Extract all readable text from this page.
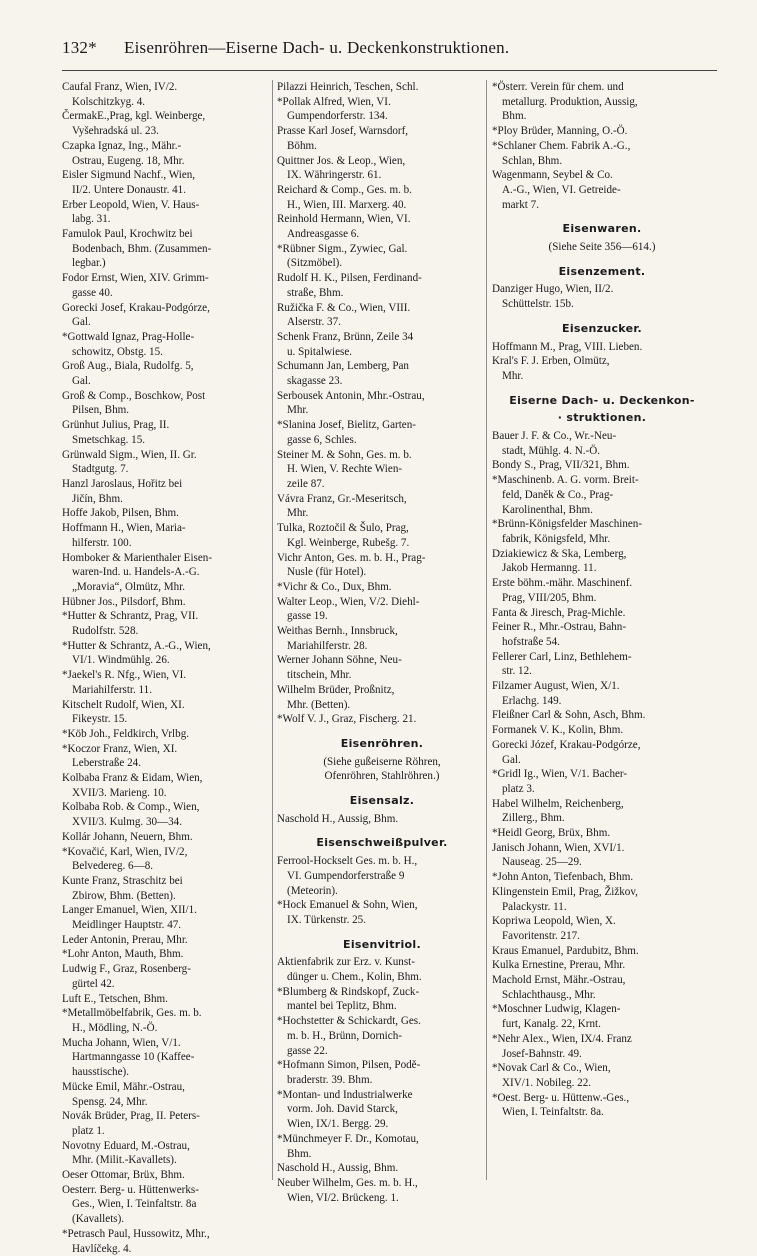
132* Eisenröhren—Eiserne Dach- u. Deckenkonstruktionen.
Caufal Franz, Wien, IV/2.
Kolschitzkyg. 4.
ČermakE.,Prag, kgl. Weinberge,
Vyšehradská ul. 23.
Czapka Ignaz, Ing., Mähr.-
Ostrau, Eugeng. 18, Mhr.
Eisler Sigmund Nachf., Wien,
II/2. Untere Donaustr. 41.
Erber Leopold, Wien, V. Haus-
labg. 31.
Famulok Paul, Krochwitz bei
Bodenbach, Bhm. (Zusammen-
legbar.)
Fodor Ernst, Wien, XIV. Grimm-
gasse 40.
Gorecki Josef, Krakau-Podgórze,
Gal.
*Gottwald Ignaz, Prag-Holle-
schowitz, Obstg. 15.
Groß Aug., Biala, Rudolfg. 5,
Gal.
Groß & Comp., Boschkow, Post
Pilsen, Bhm.
Grünhut Julius, Prag, II.
Smetschkag. 15.
Grünwald Sigm., Wien, II. Gr.
Stadtgutg. 7.
Hanzl Jaroslaus, Hořitz bei
Jičín, Bhm.
Hoffe Jakob, Pilsen, Bhm.
Hoffmann H., Wien, Maria-
hilferstr. 100.
Homboker & Marienthaler Eisen-
waren-Ind. u. Handels-A.-G.
„Moravia“, Olmütz, Mhr.
Hübner Jos., Pilsdorf, Bhm.
*Hutter & Schrantz, Prag, VII.
Rudolfstr. 528.
*Hutter & Schrantz, A.-G., Wien,
VI/1. Windmühlg. 26.
*Jaekel's R. Nfg., Wien, VI.
Mariahilferstr. 11.
Kitschelt Rudolf, Wien, XI.
Fikeystr. 15.
*Köb Joh., Feldkirch, Vrlbg.
*Koczor Franz, Wien, XI.
Leberstraße 24.
Kolbaba Franz & Eidam, Wien,
XVII/3. Marieng. 10.
Kolbaba Rob. & Comp., Wien,
XVII/3. Kulmg. 30—34.
Kollár Johann, Neuern, Bhm.
*Kovačić, Karl, Wien, IV/2,
Belvedereg. 6—8.
Kunte Franz, Straschitz bei
Zbirow, Bhm. (Betten).
Langer Emanuel, Wien, XII/1.
Meidlinger Hauptstr. 47.
Leder Antonin, Prerau, Mhr.
*Lohr Anton, Mauth, Bhm.
Ludwig F., Graz, Rosenberg-
gürtel 42.
Luft E., Tetschen, Bhm.
*Metallmöbelfabrik, Ges. m. b.
H., Mödling, N.-Ö.
Mucha Johann, Wien, V/1.
Hartmanngasse 10 (Kaffee-
hausstische).
Mücke Emil, Mähr.-Ostrau,
Spensg. 24, Mhr.
Novák Brüder, Prag, II. Peters-
platz 1.
Novotny Eduard, M.-Ostrau,
Mhr. (Milit.-Kavallets).
Oeser Ottomar, Brüx, Bhm.
Oesterr. Berg- u. Hüttenwerks-
Ges., Wien, I. Teinfaltstr. 8a
(Kavallets).
*Petrasch Paul, Hussowitz, Mhr.,
Havlíčekg. 4.
Pilazzi Heinrich, Teschen, Schl.
*Pollak Alfred, Wien, VI.
Gumpendorferstr. 134.
Prasse Karl Josef, Warnsdorf,
Böhm.
Quittner Jos. & Leop., Wien,
IX. Währingerstr. 61.
Reichard & Comp., Ges. m. b.
H., Wien, III. Marxerg. 40.
Reinhold Hermann, Wien, VI.
Andreasgasse 6.
*Rübner Sigm., Zywiec, Gal.
(Sitzmöbel).
Rudolf H. K., Pilsen, Ferdinand-
straße, Bhm.
Ružička F. & Co., Wien, VIII.
Alserstr. 37.
Schenk Franz, Brünn, Zeile 34
u. Spitalwiese.
Schumann Jan, Lemberg, Pan
skagasse 23.
Serbousek Antonin, Mhr.-Ostrau,
Mhr.
*Slanina Josef, Bielitz, Garten-
gasse 6, Schles.
Steiner M. & Sohn, Ges. m. b.
H. Wien, V. Rechte Wien-
zeile 87.
Vávra Franz, Gr.-Meseritsch,
Mhr.
Tulka, Roztočil & Šulo, Prag,
Kgl. Weinberge, Rubešg. 7.
Vichr Anton, Ges. m. b. H., Prag-
Nusle (für Hotel).
*Vichr & Co., Dux, Bhm.
Walter Leop., Wien, V/2. Diehl-
gasse 19.
Weithas Bernh., Innsbruck,
Mariahilferstr. 28.
Werner Johann Söhne, Neu-
titschein, Mhr.
Wilhelm Brüder, Proßnitz,
Mhr. (Betten).
*Wolf V. J., Graz, Fischerg. 21.
Eisenröhren.
(Siehe gußeiserne Röhren,
Ofenröhren, Stahlröhren.)
Eisensalz.
Naschold H., Aussig, Bhm.
Eisenschweißpulver.
Ferrool-Hockselt Ges. m. b. H.,
VI. Gumpendorferstraße 9
(Meteorin).
*Hock Emanuel & Sohn, Wien,
IX. Türkenstr. 25.
Eisenvitriol.
Aktienfabrik zur Erz. v. Kunst-
dünger u. Chem., Kolin, Bhm.
*Blumberg & Rindskopf, Zuck-
mantel bei Teplitz, Bhm.
*Hochstetter & Schickardt, Ges.
m. b. H., Brünn, Dornich-
gasse 22.
*Hofmann Simon, Pilsen, Podě-
braderstr. 39. Bhm.
*Montan- und Industrialwerke
vorm. Joh. David Starck,
Wien, IX/1. Bergg. 29.
*Münchmeyer F. Dr., Komotau,
Bhm.
Naschold H., Aussig, Bhm.
Neuber Wilhelm, Ges. m. b. H.,
Wien, VI/2. Brückeng. 1.
*Österr. Verein für chem. und
metallurg. Produktion, Aussig,
Bhm.
*Ploy Brüder, Manning, O.-Ö.
*Schlaner Chem. Fabrik A.-G.,
Schlan, Bhm.
Wagenmann, Seybel & Co.
A.-G., Wien, VI. Getreide-
markt 7.
Eisenwaren.
(Siehe Seite 356—614.)
Eisenzement.
Danziger Hugo, Wien, II/2.
Schüttelstr. 15b.
Eisenzucker.
Hoffmann M., Prag, VIII. Lieben.
Kral's F. J. Erben, Olmütz,
Mhr.
Eiserne Dach- u. Deckenkon-
· struktionen.
Bauer J. F. & Co., Wr.-Neu-
stadt, Mühlg. 4. N.-Ö.
Bondy S., Prag, VII/321, Bhm.
*Maschinenb. A. G. vorm. Breit-
feld, Daněk & Co., Prag-
Karolinenthal, Bhm.
*Brünn-Königsfelder Maschinen-
fabrik, Königsfeld, Mhr.
Dziakiewicz & Ska, Lemberg,
Jakob Hermanng. 11.
Erste böhm.-mähr. Maschinenf.
Prag, VIII/205, Bhm.
Fanta & Jiresch, Prag-Michle.
Feiner R., Mhr.-Ostrau, Bahn-
hofstraße 54.
Fellerer Carl, Linz, Bethlehem-
str. 12.
Filzamer August, Wien, X/1.
Erlachg. 149.
Fleißner Carl & Sohn, Asch, Bhm.
Formanek V. K., Kolin, Bhm.
Gorecki Józef, Krakau-Podgórze,
Gal.
*Gridl Ig., Wien, V/1. Bacher-
platz 3.
Habel Wilhelm, Reichenberg,
Zillerg., Bhm.
*Heidl Georg, Brüx, Bhm.
Janisch Johann, Wien, XVI/1.
Nauseag. 25—29.
*John Anton, Tiefenbach, Bhm.
Klingenstein Emil, Prag, Žižkov,
Palackystr. 11.
Kopriwa Leopold, Wien, X.
Favoritenstr. 217.
Kraus Emanuel, Pardubitz, Bhm.
Kulka Ernestine, Prerau, Mhr.
Machold Ernst, Mähr.-Ostrau,
Schlachthausg., Mhr.
*Moschner Ludwig, Klagen-
furt, Kanalg. 22, Krnt.
*Nehr Alex., Wien, IX/4. Franz
Josef-Bahnstr. 49.
*Novak Carl & Co., Wien,
XIV/1. Nobileg. 22.
*Oest. Berg- u. Hüttenw.-Ges.,
Wien, I. Teinfaltstr. 8a.
